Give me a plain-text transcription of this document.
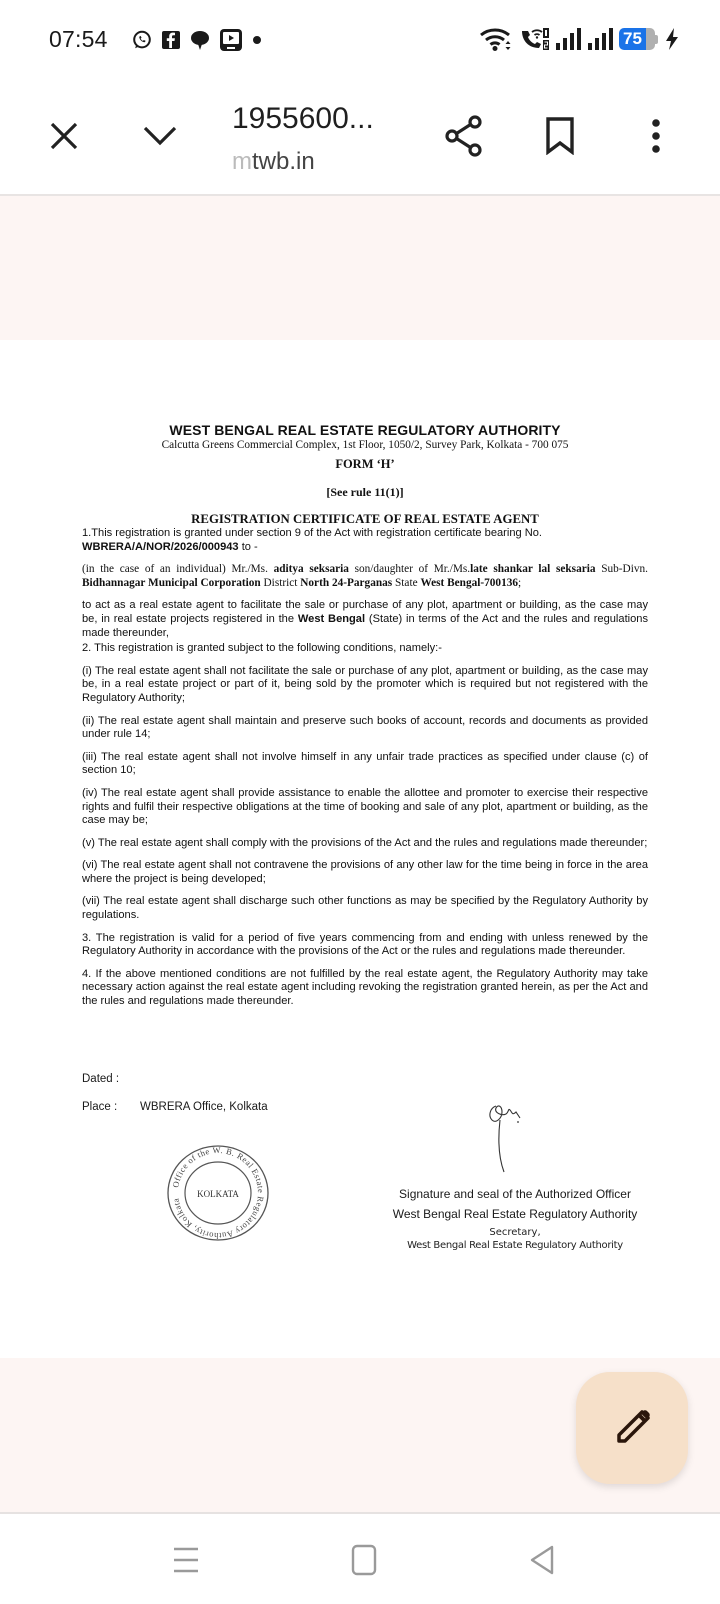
07:54	75
1955600...
mtwb.in
WEST BENGAL REAL ESTATE REGULATORY AUTHORITY
Calcutta Greens Commercial Complex, 1st Floor, 1050/2, Survey Park, Kolkata - 700 075
FORM ‘H’
[See rule 11(1)]
REGISTRATION CERTIFICATE OF REAL ESTATE AGENT
1.This registration is granted under section 9 of the Act with registration certificate bearing No.
WBRERA/A/NOR/2026/000943 to -
(in the case of an individual) Mr./Ms. aditya seksaria son/daughter of Mr./Ms.late shankar lal seksaria Sub-Divn. Bidhannagar Municipal Corporation District North 24-Parganas State West Bengal-700136;
to act as a real estate agent to facilitate the sale or purchase of any plot, apartment or building, as the case may be, in real estate projects registered in the West Bengal (State) in terms of the Act and the rules and regulations made thereunder,
2. This registration is granted subject to the following conditions, namely:-
(i) The real estate agent shall not facilitate the sale or purchase of any plot, apartment or building, as the case may be, in a real estate project or part of it, being sold by the promoter which is required but not registered with the Regulatory Authority;
(ii) The real estate agent shall maintain and preserve such books of account, records and documents as provided under rule 14;
(iii) The real estate agent shall not involve himself in any unfair trade practices as specified under clause (c) of section 10;
(iv) The real estate agent shall provide assistance to enable the allottee and promoter to exercise their respective rights and fulfil their respective obligations at the time of booking and sale of any plot, apartment or building, as the case may be;
(v) The real estate agent shall comply with the provisions of the Act and the rules and regulations made thereunder;
(vi) The real estate agent shall not contravene the provisions of any other law for the time being in force in the area where the project is being developed;
(vii) The real estate agent shall discharge such other functions as may be specified by the Regulatory Authority by regulations.
3. The registration is valid for a period of five years commencing from and ending with unless renewed by the Regulatory Authority in accordance with the provisions of the Act or the rules and regulations made thereunder.
4. If the above mentioned conditions are not fulfilled by the real estate agent, the Regulatory Authority may take necessary action against the real estate agent including revoking the registration granted herein, as per the Act and the rules and regulations made thereunder.
Dated :
Place : WBRERA Office, Kolkata
Office of the W. B. Real Estate Regulatory Authority, Kolkata
KOLKATA	Signature and seal of the Authorized Officer
West Bengal Real Estate Regulatory Authority
Secretary,
West Bengal Real Estate Regulatory Authority
